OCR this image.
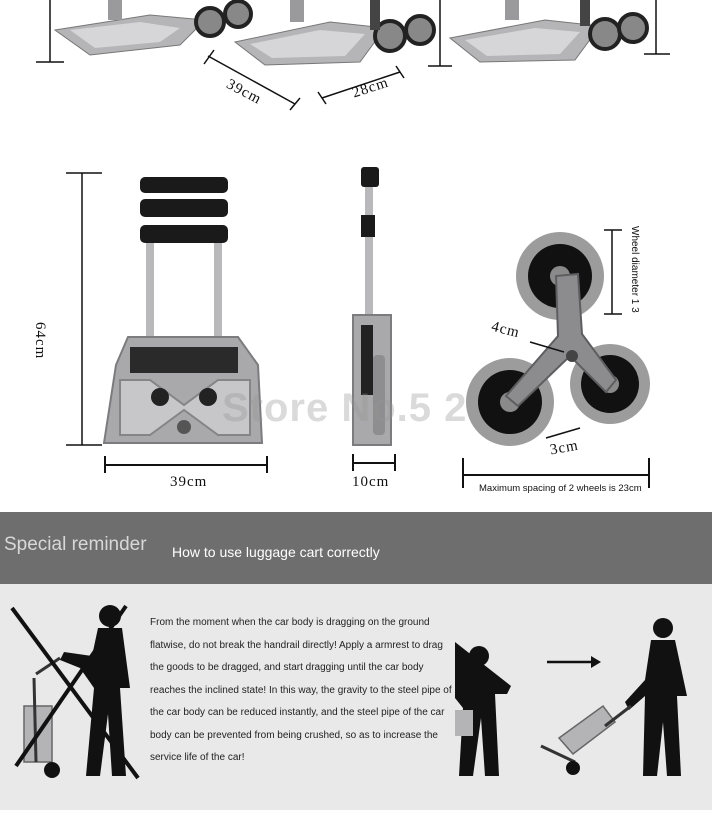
39cm	28cm
64cm
39cm	10cm
Wheel diameter 1 3
4cm
3cm
Maximum spacing of 2 wheels is 23cm
Store No.5 2
Special reminder How to use luggage cart correctly
From the moment when the car body is dragging on the ground flatwise, do not break the handrail directly! Apply a armrest to drag the goods to be dragged, and start dragging until the car body reaches the inclined state! In this way, the gravity to the steel pipe of the car body can be reduced instantly, and the steel pipe of the car body can be prevented from being crushed, so as to increase the service life of the car!
